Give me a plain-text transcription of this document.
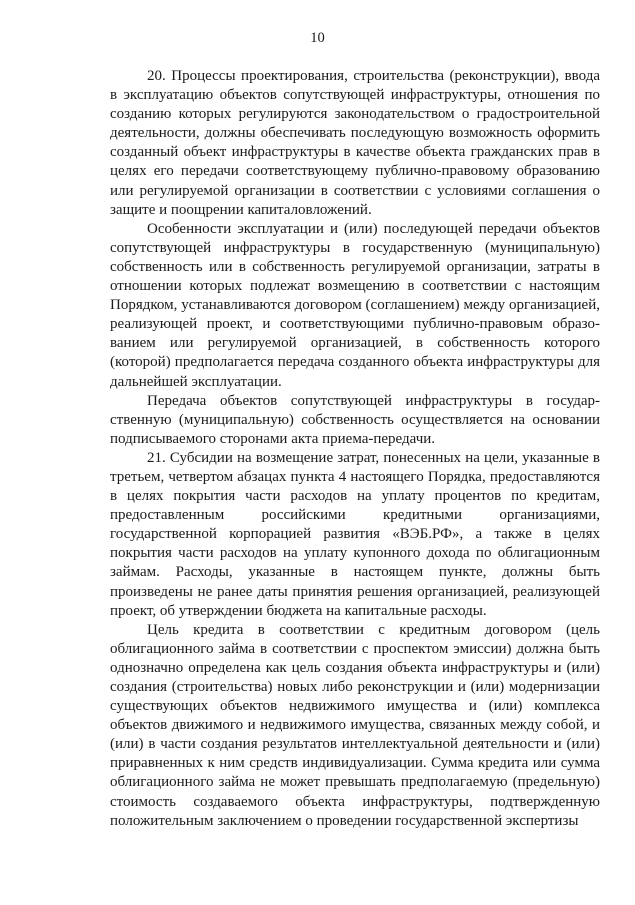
10

20. Процессы проектирования, строительства (реконструкции), ввода в эксплуатацию объектов сопутствующей инфраструктуры, отношения по созданию которых регулируются законодательством о градостроительной деятельности, должны обеспечивать последующую возможность оформить созданный объект инфраструктуры в качестве объекта гражданских прав в целях его передачи соответствующему публично-правовому образованию или регулируемой организации в соответствии с условиями соглашения о защите и поощрении капиталовложений.

Особенности эксплуатации и (или) последующей передачи объектов сопутствующей инфраструктуры в государственную (муниципальную) собственность или в собственность регулируемой организации, затраты в отношении которых подлежат возмещению в соответствии с настоящим Порядком, устанавливаются договором (соглашением) между организацией, реализующей проект, и соответствующими публично-правовым образованием или регулируемой организацией, в собственность которого (которой) предполагается передача созданного объекта инфраструктуры для дальнейшей эксплуатации.

Передача объектов сопутствующей инфраструктуры в государственную (муниципальную) собственность осуществляется на основании подписываемого сторонами акта приема-передачи.

21. Субсидии на возмещение затрат, понесенных на цели, указанные в третьем, четвертом абзацах пункта 4 настоящего Порядка, предоставляются в целях покрытия части расходов на уплату процентов по кредитам, предоставленным российскими кредитными организациями, государственной корпорацией развития «ВЭБ.РФ», а также в целях покрытия части расходов на уплату купонного дохода по облигационным займам. Расходы, указанные в настоящем пункте, должны быть произведены не ранее даты принятия решения организацией, реализующей проект, об утверждении бюджета на капитальные расходы.

Цель кредита в соответствии с кредитным договором (цель облигационного займа в соответствии с проспектом эмиссии) должна быть однозначно определена как цель создания объекта инфраструктуры и (или) создания (строительства) новых либо реконструкции и (или) модернизации существующих объектов недвижимого имущества и (или) комплекса объектов движимого и недвижимого имущества, связанных между собой, и (или) в части создания результатов интеллектуальной деятельности и (или) приравненных к ним средств индивидуализации. Сумма кредита или сумма облигационного займа не может превышать предполагаемую (предельную) стоимость создаваемого объекта инфраструктуры, подтвержденную положительным заключением о проведении государственной экспертизы
